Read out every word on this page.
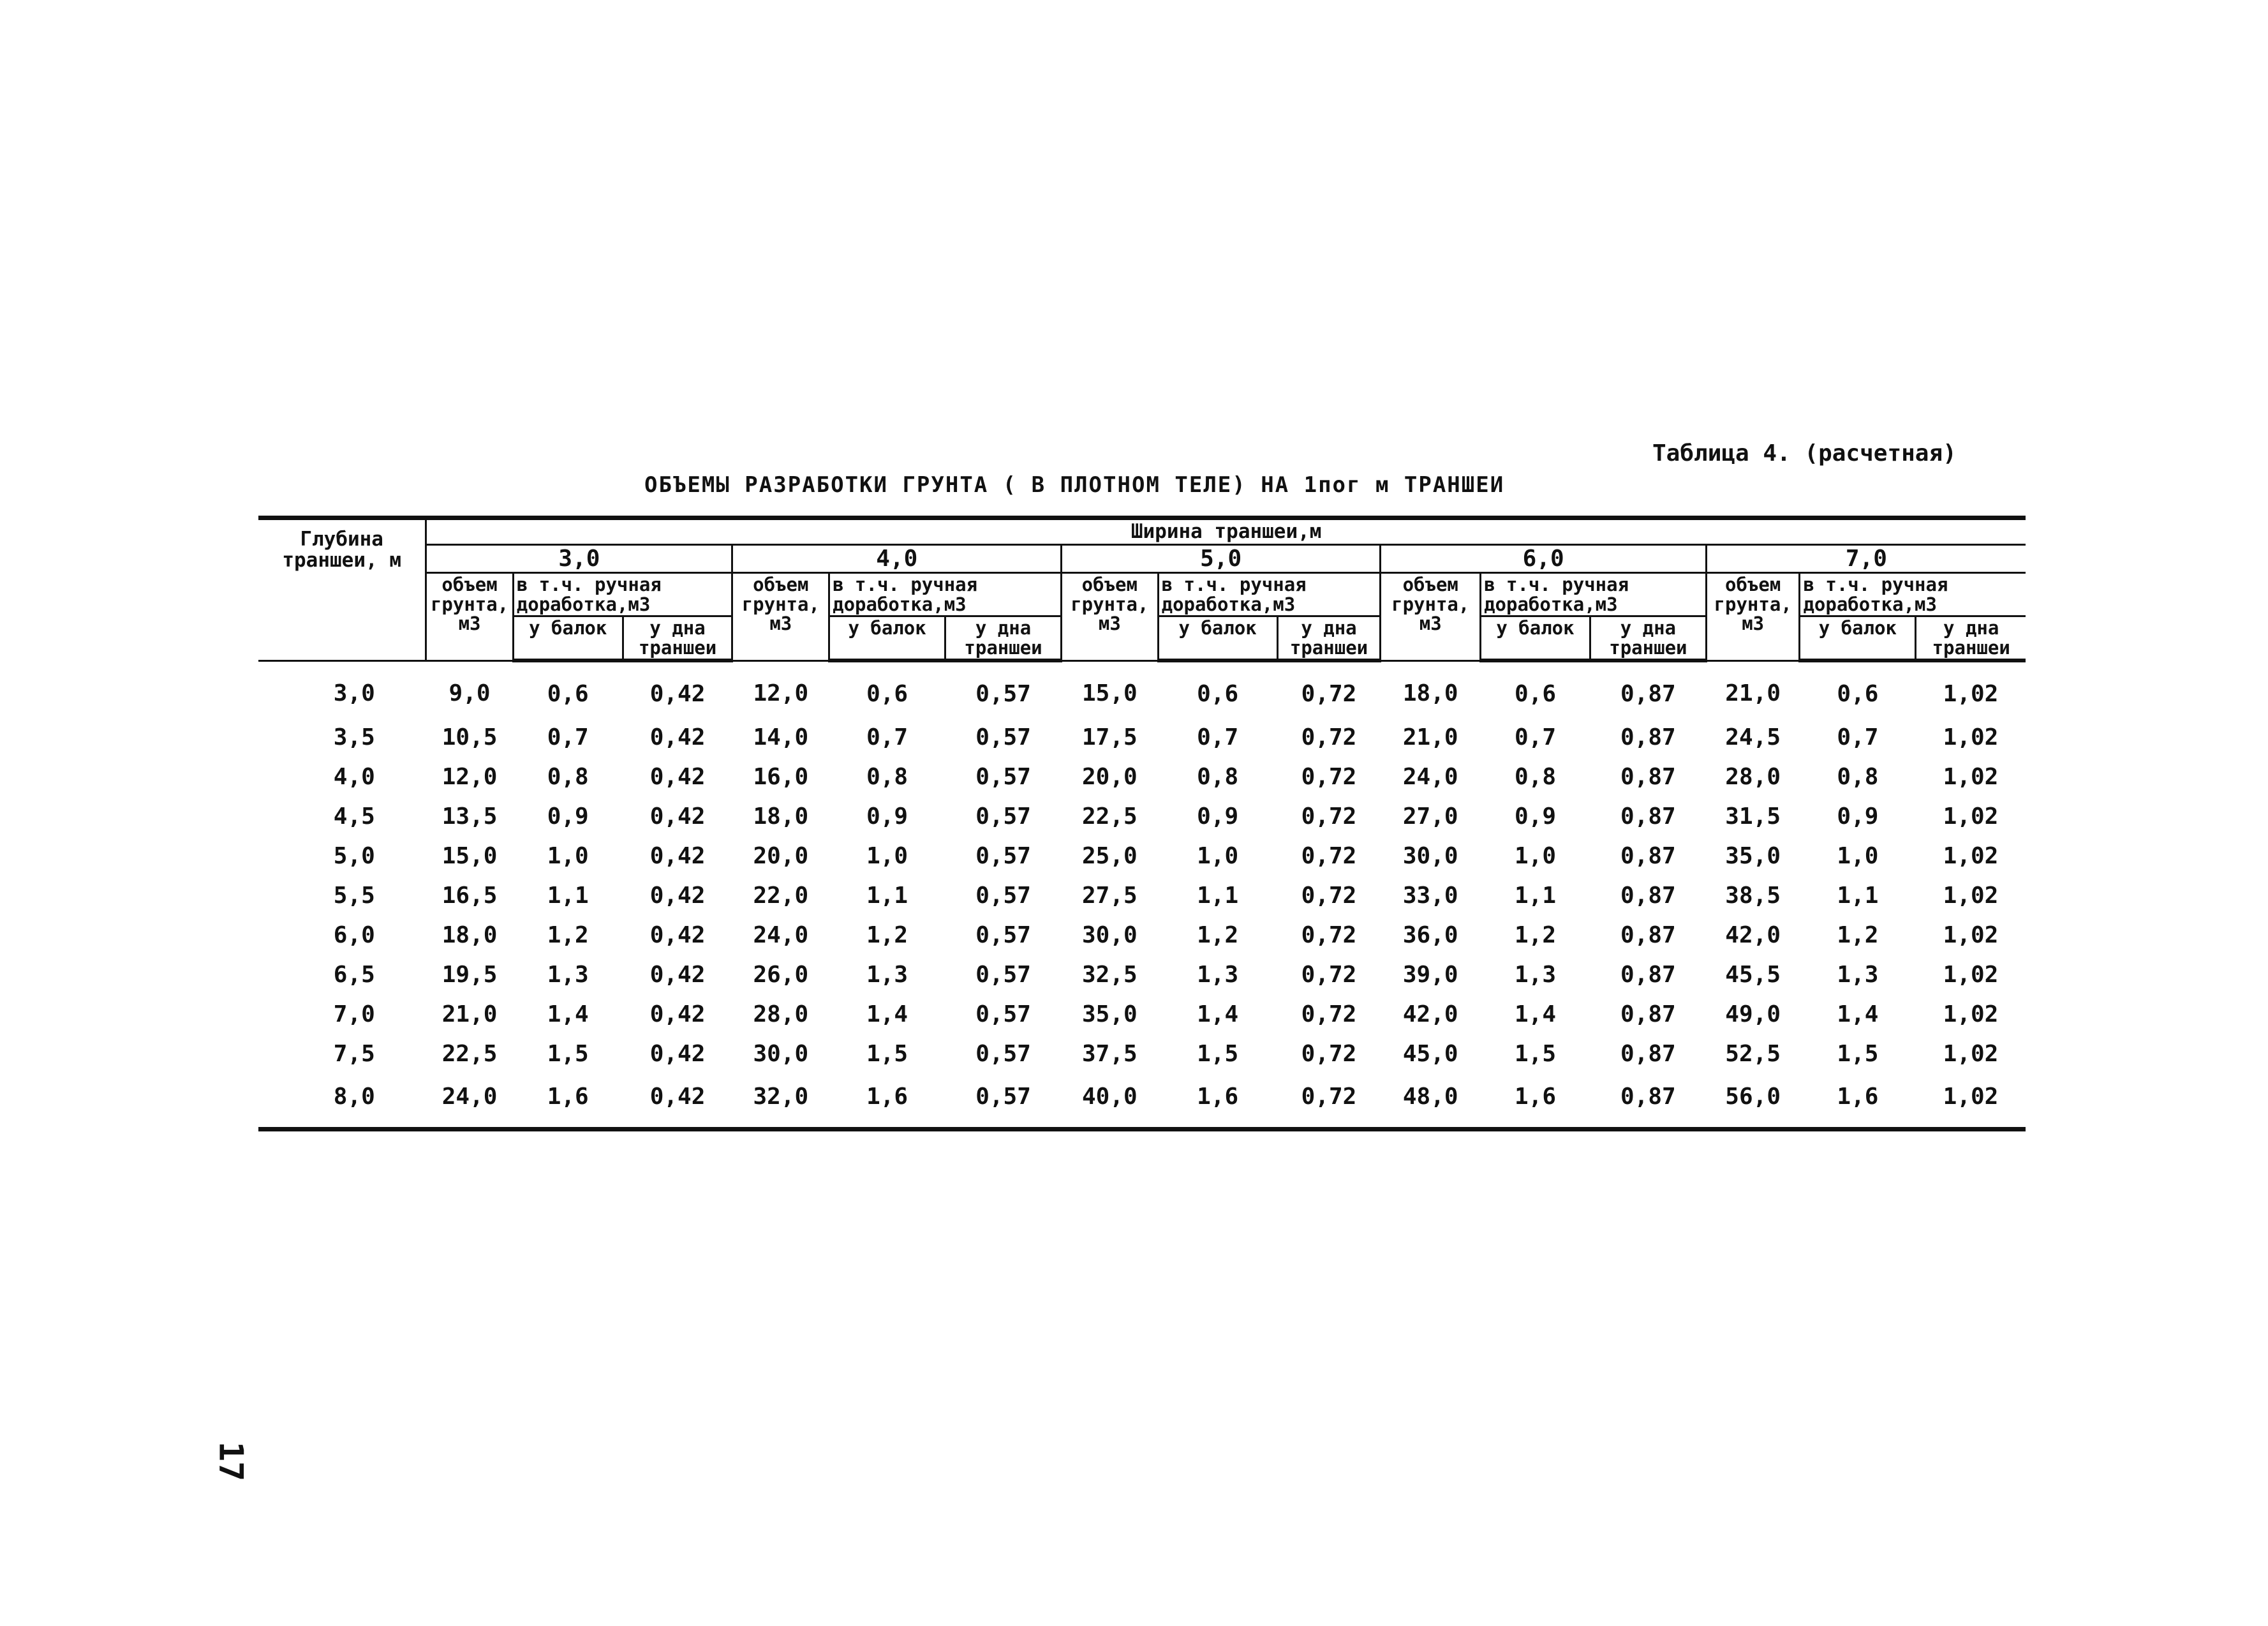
Таблица 4. (расчетная)
ОБЪЕМЫ РАЗРАБОТКИ ГРУНТА ( В ПЛОТНОМ ТЕЛЕ) НА 1пог м ТРАНШЕИ
Глубина траншеи, м	Ширина траншеи,м														
	3,0			4,0			5,0			6,0			7,0		
	объем грунта, м3	в т.ч. ручная доработка,м3		объем грунта, м3	в т.ч. ручная доработка,м3		объем грунта, м3	в т.ч. ручная доработка,м3		объем грунта, м3	в т.ч. ручная доработка,м3		объем грунта, м3	в т.ч. ручная доработка,м3	
		у балок	у дна траншеи		у балок	у дна траншеи		у балок	у дна траншеи		у балок	у дна траншеи		у балок	у дна траншеи
3,0	9,0	0,6	0,42	12,0	0,6	0,57	15,0	0,6	0,72	18,0	0,6	0,87	21,0	0,6	1,02
3,5	10,5	0,7	0,42	14,0	0,7	0,57	17,5	0,7	0,72	21,0	0,7	0,87	24,5	0,7	1,02
4,0	12,0	0,8	0,42	16,0	0,8	0,57	20,0	0,8	0,72	24,0	0,8	0,87	28,0	0,8	1,02
4,5	13,5	0,9	0,42	18,0	0,9	0,57	22,5	0,9	0,72	27,0	0,9	0,87	31,5	0,9	1,02
5,0	15,0	1,0	0,42	20,0	1,0	0,57	25,0	1,0	0,72	30,0	1,0	0,87	35,0	1,0	1,02
5,5	16,5	1,1	0,42	22,0	1,1	0,57	27,5	1,1	0,72	33,0	1,1	0,87	38,5	1,1	1,02
6,0	18,0	1,2	0,42	24,0	1,2	0,57	30,0	1,2	0,72	36,0	1,2	0,87	42,0	1,2	1,02
6,5	19,5	1,3	0,42	26,0	1,3	0,57	32,5	1,3	0,72	39,0	1,3	0,87	45,5	1,3	1,02
7,0	21,0	1,4	0,42	28,0	1,4	0,57	35,0	1,4	0,72	42,0	1,4	0,87	49,0	1,4	1,02
7,5	22,5	1,5	0,42	30,0	1,5	0,57	37,5	1,5	0,72	45,0	1,5	0,87	52,5	1,5	1,02
8,0	24,0	1,6	0,42	32,0	1,6	0,57	40,0	1,6	0,72	48,0	1,6	0,87	56,0	1,6	1,02
17
